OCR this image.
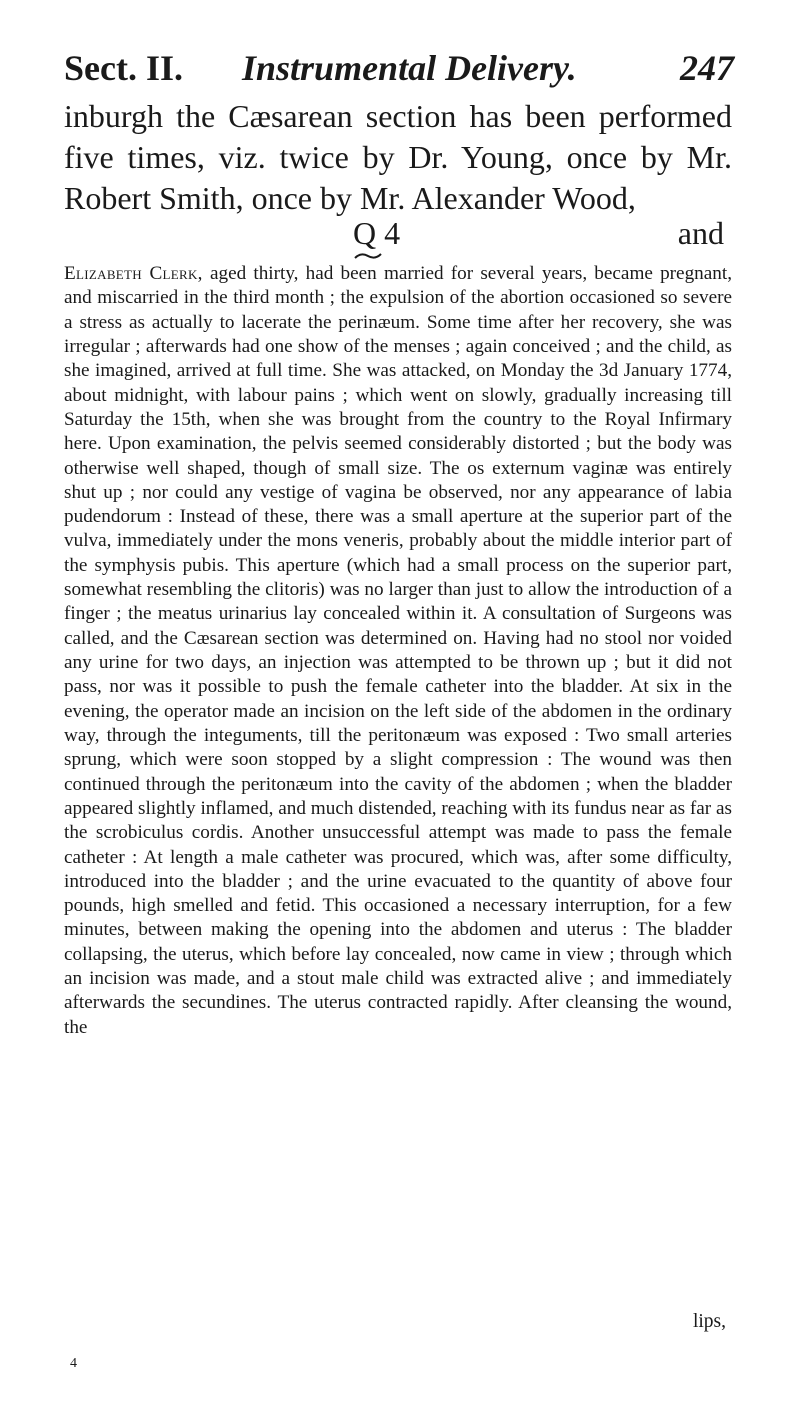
Sect. II. Instrumental Delivery.	247
inburgh the Cæsarean section has been performed five times, viz. twice by Dr. Young, once by Mr. Robert Smith, once by Mr. Alexander Wood,
Q 4	and
Elizabeth Clerk, aged thirty, had been married for several years, became pregnant, and miscarried in the third month ; the expulsion of the abortion occasioned so severe a stress as actually to lacerate the perinæum. Some time after her recovery, she was irregular ; afterwards had one show of the menses ; again conceived ; and the child, as she imagined, arrived at full time. She was attacked, on Monday the 3d January 1774, about midnight, with labour pains ; which went on slowly, gradually increasing till Saturday the 15th, when she was brought from the country to the Royal Infirmary here. Upon examination, the pelvis seemed considerably distorted ; but the body was otherwise well shaped, though of small size. The os externum vaginæ was entirely shut up ; nor could any vestige of vagina be observed, nor any appearance of labia pudendorum : Instead of these, there was a small aperture at the superior part of the vulva, immediately under the mons veneris, probably about the middle interior part of the symphysis pubis. This aperture (which had a small process on the superior part, somewhat resembling the clitoris) was no larger than just to allow the introduction of a finger ; the meatus urinarius lay concealed within it. A consultation of Surgeons was called, and the Cæsarean section was determined on. Having had no stool nor voided any urine for two days, an injection was attempted to be thrown up ; but it did not pass, nor was it possible to push the female catheter into the bladder. At six in the evening, the operator made an incision on the left side of the abdomen in the ordinary way, through the integuments, till the peritonæum was exposed : Two small arteries sprung, which were soon stopped by a slight compression : The wound was then continued through the peritonæum into the cavity of the abdomen ; when the bladder appeared slightly inflamed, and much distended, reaching with its fundus near as far as the scrobiculus cordis. Another unsuccessful attempt was made to pass the female catheter : At length a male catheter was procured, which was, after some difficulty, introduced into the bladder ; and the urine evacuated to the quantity of above four pounds, high smelled and fetid. This occasioned a necessary interruption, for a few minutes, between making the opening into the abdomen and uterus : The bladder collapsing, the uterus, which before lay concealed, now came in view ; through which an incision was made, and a stout male child was extracted alive ; and immediately afterwards the secundines. The uterus contracted rapidly. After cleansing the wound, the
lips,
4
